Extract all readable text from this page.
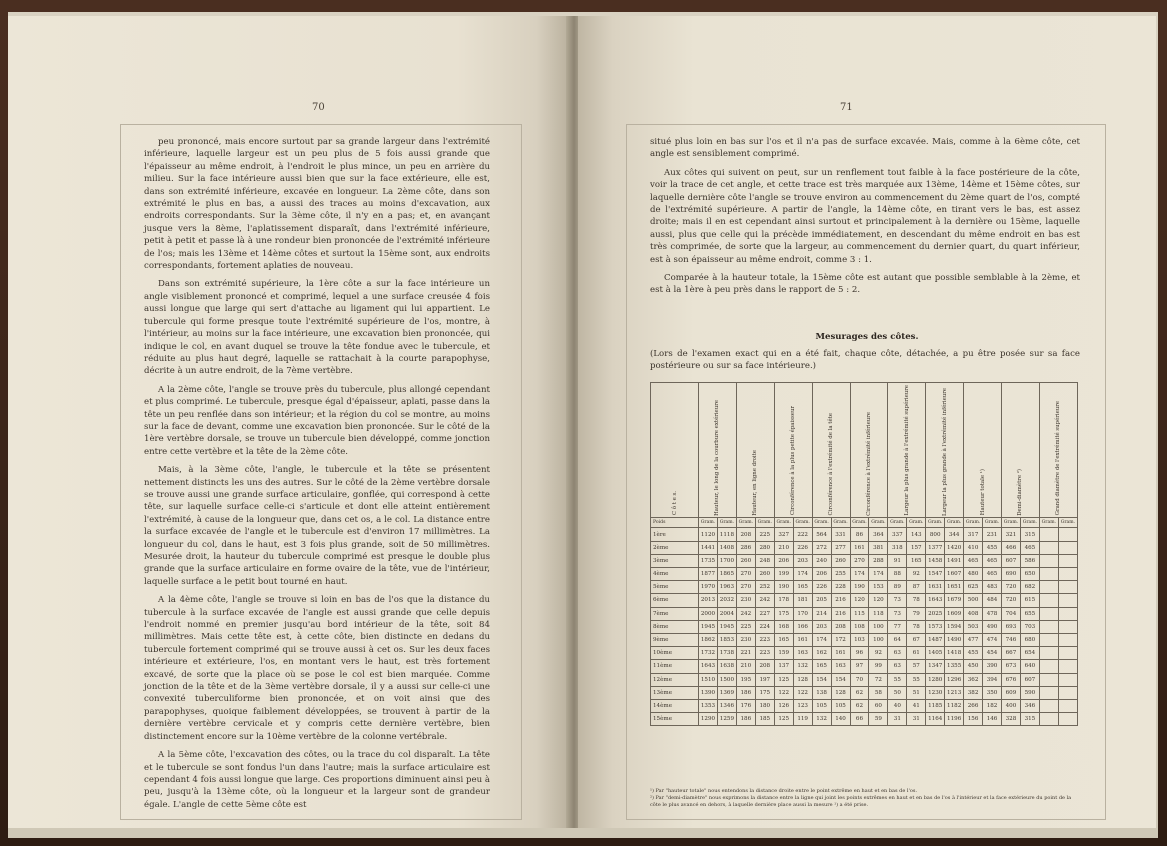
70

peu prononcé, mais encore surtout par sa grande largeur dans l'extrémité inférieure, laquelle largeur est un peu plus de 5 fois aussi grande que l'épaisseur au même endroit, à l'endroit le plus mince, un peu en arrière du milieu. Sur la face intérieure aussi bien que sur la face extérieure, elle est, dans son extrémité inférieure, excavée en longueur. La 2ème côte, dans son extrémité le plus en bas, a aussi des traces au moins d'excavation, aux endroits correspondants. Sur la 3ème côte, il n'y en a pas; et, en avançant jusque vers la 8ème, l'aplatissement disparaît, dans l'extrémité inférieure, petit à petit et passe là à une rondeur bien prononcée de l'extrémité inférieure de l'os; mais les 13ème et 14ème côtes et surtout la 15ème sont, aux endroits correspondants, fortement aplaties de nouveau.

Dans son extrémité supérieure, la 1ère côte a sur la face intérieure un angle visiblement prononcé et comprimé, lequel a une surface creusée 4 fois aussi longue que large qui sert d'attache au ligament qui lui appartient. Le tubercule qui forme presque toute l'extrémité supérieure de l'os, montre, à l'intérieur, au moins sur la face intérieure, une excavation bien prononcée, qui indique le col, en avant duquel se trouve la tête fondue avec le tubercule, et réduite au plus haut degré, laquelle se rattachait à la courte parapophyse, décrite à un autre endroit, de la 7ème vertèbre.

A la 2ème côte, l'angle se trouve près du tubercule, plus allongé cependant et plus comprimé. Le tubercule, presque égal d'épaisseur, aplati, passe dans la tête un peu renflée dans son intérieur; et la région du col se montre, au moins sur la face de devant, comme une excavation bien prononcée. Sur le côté de la 1ère vertèbre dorsale, se trouve un tubercule bien développé, comme jonction entre cette vertèbre et la tête de la 2ème côte.

Mais, à la 3ème côte, l'angle, le tubercule et la tête se présentent nettement distincts les uns des autres. Sur le côté de la 2ème vertèbre dorsale se trouve aussi une grande surface articulaire, gonflée, qui correspond à cette tête, sur laquelle surface celle-ci s'articule et dont elle atteint entièrement l'extrémité, à cause de la longueur que, dans cet os, a le col. La distance entre la surface excavée de l'angle et le tubercule est d'environ 17 millimètres. La longueur du col, dans le haut, est 3 fois plus grande, soit de 50 millimètres. Mesurée droit, la hauteur du tubercule comprimé est presque le double plus grande que la surface articulaire en forme ovaire de la tête, vue de l'intérieur, laquelle surface a le petit bout tourné en haut.

A la 4ème côte, l'angle se trouve si loin en bas de l'os que la distance du tubercule à la surface excavée de l'angle est aussi grande que celle depuis l'endroit nommé en premier jusqu'au bord intérieur de la tête, soit 84 millimètres. Mais cette tête est, à cette côte, bien distincte en dedans du tubercule fortement comprimé qui se trouve aussi à cet os. Sur les deux faces intérieure et extérieure, l'os, en montant vers le haut, est très fortement excavé, de sorte que la place où se pose le col est bien marquée. Comme jonction de la tête et de la 3ème vertèbre dorsale, il y a aussi sur celle-ci une convexité tuberculiforme bien prononcée, et on voit ainsi que des parapophyses, quoique faiblement développées, se trouvent à partir de la dernière vertèbre cervicale et y compris cette dernière vertèbre, bien distinctement encore sur la 10ème vertèbre de la colonne vertébrale.

A la 5ème côte, l'excavation des côtes, ou la trace du col disparaît. La tête et le tubercule se sont fondus l'un dans l'autre; mais la surface articulaire est cependant 4 fois aussi longue que large. Ces proportions diminuent ainsi peu à peu, jusqu'à la 13ème côte, où la longueur et la largeur sont de grandeur égale. L'angle de cette 5ème côte est

71

situé plus loin en bas sur l'os et il n'a pas de surface excavée. Mais, comme à la 6ème côte, cet angle est sensiblement comprimé.

Aux côtes qui suivent on peut, sur un renflement tout faible à la face postérieure de la côte, voir la trace de cet angle, et cette trace est très marquée aux 13ème, 14ème et 15ème côtes, sur laquelle dernière côte l'angle se trouve environ au commencement du 2ème quart de l'os, compté de l'extrémité supérieure. A partir de l'angle, la 14ème côte, en tirant vers le bas, est assez droite; mais il en est cependant ainsi surtout et principalement à la dernière ou 15ème, laquelle aussi, plus que celle qui la précède immédiatement, en descendant du même endroit en bas est très comprimée, de sorte que la largeur, au commencement du dernier quart, du quart inférieur, est à son épaisseur au même endroit, comme 3 : 1.

Comparée à la hauteur totale, la 15ème côte est autant que possible semblable à la 2ème, et est à la 1ère à peu près dans le rapport de 5 : 2.

Mesurages des côtes.

(Lors de l'examen exact qui en a été fait, chaque côte, détachée, a pu être posée sur sa face postérieure ou sur sa face intérieure.)

C ô t e s.	Hauteur, le long de la courbure extérieure		Hauteur, en ligne droite		Circonférence à la plus petite épaisseur		Circonférence à l'extrémité de la tête		Circonférence à l'extrémité inférieure		Largeur la plus grande à l'extrémité supérieure		Largeur la plus grande à l'extrémité inférieure		Hauteur totale ¹)		Demi-diamètre ²)		Grand diamètre de l'extrémité supérieure	

Poids	Gram.	Gram.	Gram.	Gram.	Gram.	Gram.	Gram.	Gram.	Gram.	Gram.	Gram.	Gram.	Gram.	Gram.	Gram.	Gram.	Gram.	Gram.	Gram.	Gram.
1ère	1120	1118	208	225	327	222	564	331	86	364	337	143	800	344	317	231	321	315		
2ème	1441	1408	286	280	210	226	272	277	161	381	318	157	1377	1420	410	455	466	465		
3ème	1735	1700	260	248	206	203	240	260	270	288	91	165	1458	1491	465	465	607	586		
4ème	1877	1865	270	260	199	174	206	255	174	174	88	92	1547	1607	480	465	690	650		
5ème	1970	1963	270	252	190	165	226	228	190	153	89	87	1631	1651	625	483	720	682		
6ème	2013	2032	230	242	178	181	205	216	120	120	73	78	1643	1679	500	484	720	615		
7ème	2000	2004	242	227	175	170	214	216	115	118	73	79	2025	1609	408	478	704	655		
8ème	1945	1945	225	224	168	166	203	208	108	100	77	78	1573	1594	503	490	693	703		
9ème	1862	1853	230	223	165	161	174	172	103	100	64	67	1487	1490	477	474	746	680		
10ème	1732	1738	221	223	159	163	162	161	96	92	63	61	1405	1418	455	454	667	654		
11ème	1643	1638	210	208	137	132	165	163	97	99	63	57	1347	1355	450	390	673	640		
12ème	1510	1500	195	197	125	128	154	154	70	72	55	55	1280	1296	362	394	676	607		
13ème	1390	1369	186	175	122	122	138	128	62	58	50	51	1230	1213	382	350	609	590		
14ème	1353	1346	176	180	126	123	105	105	62	60	40	41	1185	1182	266	182	400	346		
15ème	1290	1259	186	185	125	119	132	140	66	59	31	31	1164	1196	156	146	328	315		
¹) Par "hauteur totale" nous entendons la distance droite entre le point extrême en haut et en bas de l'os.
²) Par "demi-diamètre" nous exprimons la distance entre la ligne qui joint les points extrêmes en haut et en bas de l'os à l'intérieur et la face extérieure du point de la côte le plus avancé en dehors, à laquelle dernière place aussi la mesure ¹) a été prise.
